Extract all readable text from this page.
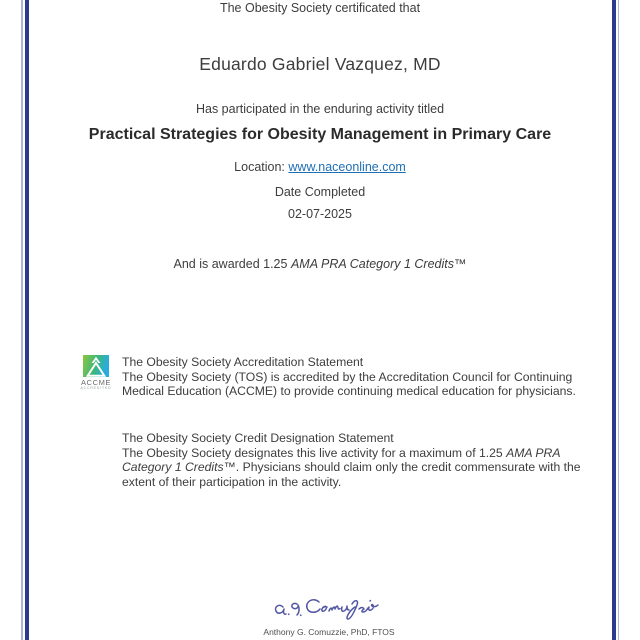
The Obesity Society certificated that
Eduardo Gabriel Vazquez, MD
Has participated in the enduring activity titled
Practical Strategies for Obesity Management in Primary Care
Location: www.naceonline.com
Date Completed
02-07-2025
And is awarded 1.25 AMA PRA Category 1 Credits™
ACCME
ACCREDITED
The Obesity Society Accreditation Statement
The Obesity Society (TOS) is accredited by the Accreditation Council for Continuing Medical Education (ACCME) to provide continuing medical education for physicians.
The Obesity Society Credit Designation Statement
The Obesity Society designates this live activity for a maximum of 1.25 AMA PRA Category 1 Credits™. Physicians should claim only the credit commensurate with the extent of their participation in the activity.
Anthony G. Comuzzie, PhD, FTOS
